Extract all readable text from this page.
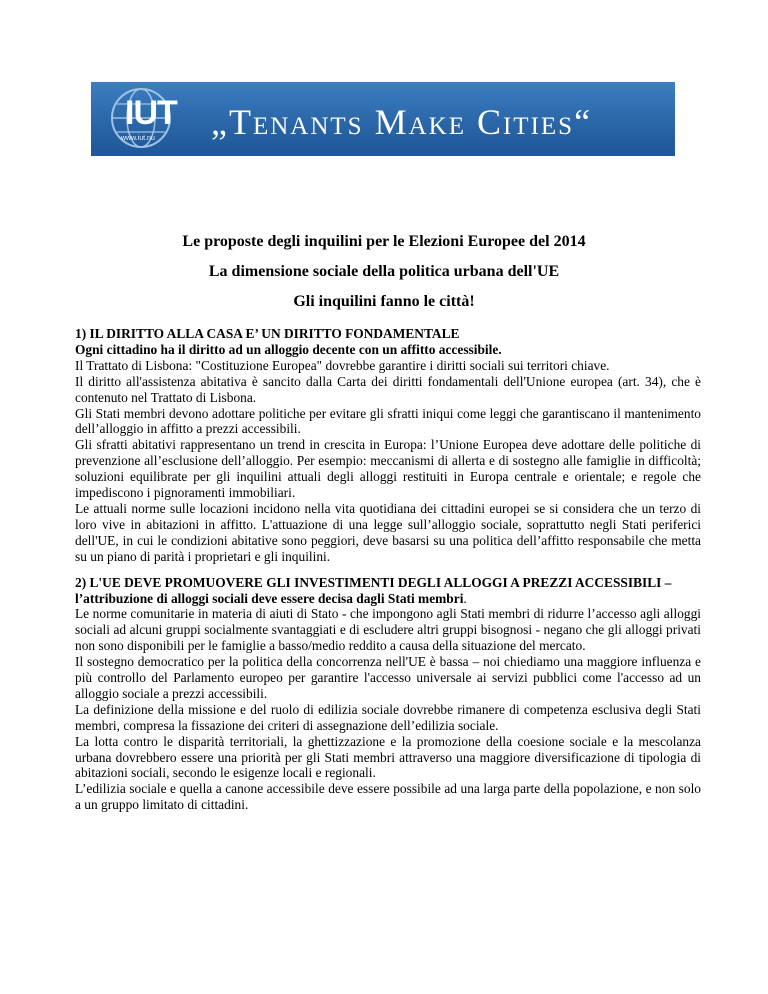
IUT
www.iut.nu „Tenants Make Cities“
Le proposte degli inquilini per le Elezioni Europee del 2014
La dimensione sociale della politica urbana dell'UE
Gli inquilini fanno le città!
1) IL DIRITTO ALLA CASA E’ UN DIRITTO FONDAMENTALE

Ogni cittadino ha il diritto ad un alloggio decente con un affitto accessibile.

Il Trattato di Lisbona: "Costituzione Europea" dovrebbe garantire i diritti sociali sui territori chiave.

Il diritto all'assistenza abitativa è sancito dalla Carta dei diritti fondamentali dell'Unione europea (art. 34), che è contenuto nel Trattato di Lisbona.

Gli Stati membri devono adottare politiche per evitare gli sfratti iniqui come leggi che garantiscano il mantenimento dell’alloggio in affitto a prezzi accessibili.

Gli sfratti abitativi rappresentano un trend in crescita in Europa: l’Unione Europea deve adottare delle politiche di prevenzione all’esclusione dell’alloggio. Per esempio: meccanismi di allerta e di sostegno alle famiglie in difficoltà; soluzioni equilibrate per gli inquilini attuali degli alloggi restituiti in Europa centrale e orientale; e regole che impediscono i pignoramenti immobiliari.

Le attuali norme sulle locazioni incidono nella vita quotidiana dei cittadini europei se si considera che un terzo di loro vive in abitazioni in affitto. L'attuazione di una legge sull’alloggio sociale, soprattutto negli Stati periferici dell'UE, in cui le condizioni abitative sono peggiori, deve basarsi su una politica dell’affitto responsabile che metta su un piano di parità i proprietari e gli inquilini.

2) L'UE DEVE PROMUOVERE GLI INVESTIMENTI DEGLI ALLOGGI A PREZZI ACCESSIBILI –

l’attribuzione di alloggi sociali deve essere decisa dagli Stati membri.

Le norme comunitarie in materia di aiuti di Stato - che impongono agli Stati membri di ridurre l’accesso agli alloggi sociali ad alcuni gruppi socialmente svantaggiati e di escludere altri gruppi bisognosi - negano che gli alloggi privati non sono disponibili per le famiglie a basso/medio reddito a causa della situazione del mercato.

Il sostegno democratico per la politica della concorrenza nell'UE è bassa – noi chiediamo una maggiore influenza e più controllo del Parlamento europeo per garantire l'accesso universale ai servizi pubblici come l'accesso ad un alloggio sociale a prezzi accessibili.

La definizione della missione e del ruolo di edilizia sociale dovrebbe rimanere di competenza esclusiva degli Stati membri, compresa la fissazione dei criteri di assegnazione dell’edilizia sociale.

La lotta contro le disparità territoriali, la ghettizzazione e la promozione della coesione sociale e la mescolanza urbana dovrebbero essere una priorità per gli Stati membri attraverso una maggiore diversificazione di tipologia di abitazioni sociali, secondo le esigenze locali e regionali.

L’edilizia sociale e quella a canone accessibile deve essere possibile ad una larga parte della popolazione, e non solo a un gruppo limitato di cittadini.
